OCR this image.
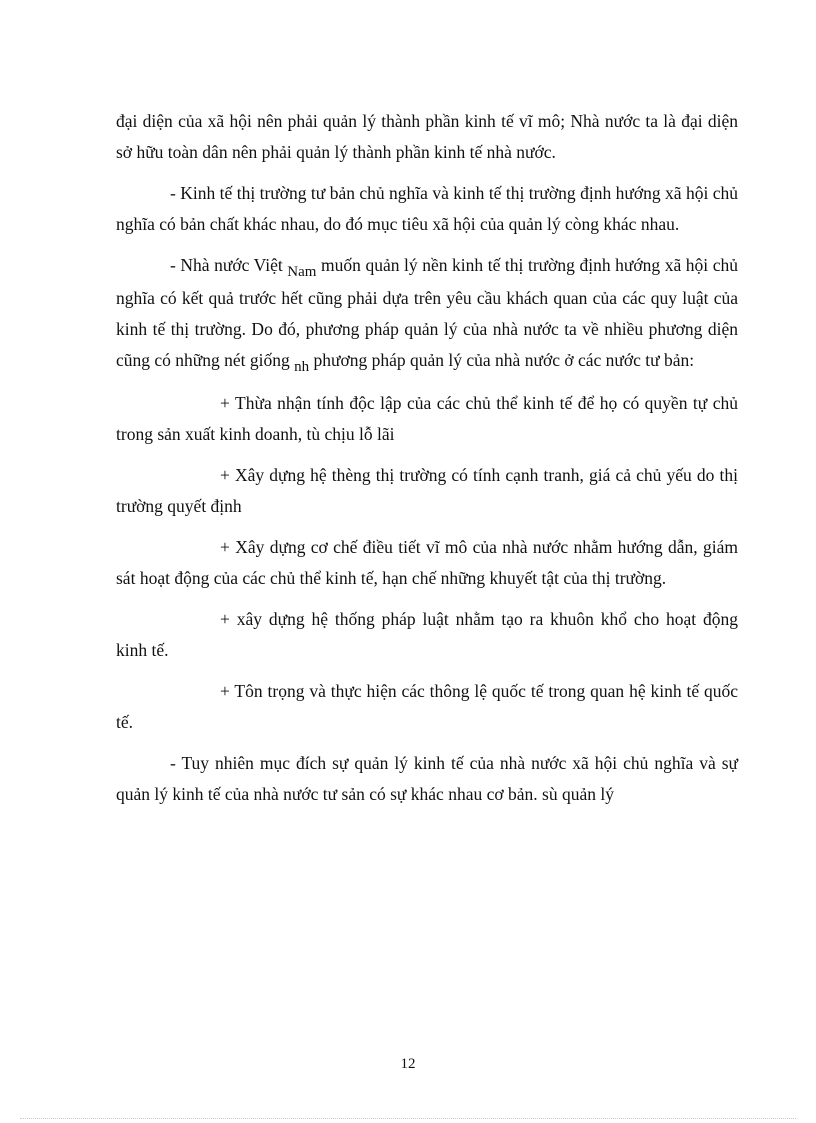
đại diện của xã hội nên phải quản lý thành phần kinh tế vĩ mô; Nhà nước ta là đại diện sở hữu toàn dân nên phải quản lý thành phần kinh tế nhà nước.

- Kinh tế thị trường tư bản chủ nghĩa và kinh tế thị trường định hướng xã hội chủ nghĩa có bản chất khác nhau, do đó mục tiêu xã hội của quản lý còng khác nhau.

- Nhà nước Việt Nam muốn quản lý nền kinh tế thị trường định hướng xã hội chủ nghĩa có kết quả trước hết cũng phải dựa trên yêu cầu khách quan của các quy luật của kinh tế thị trường. Do đó, phương pháp quản lý của nhà nước ta về nhiều phương diện cũng có những nét giống nh phương pháp quản lý của nhà nước ở các nước tư bản:

+ Thừa nhận tính độc lập của các chủ thể kinh tế để họ có quyền tự chủ trong sản xuất kinh doanh, tù chịu lỗ lãi

+ Xây dựng hệ thèng thị trường có tính cạnh tranh, giá cả chủ yếu do thị trường quyết định

+ Xây dựng cơ chế điều tiết vĩ mô của nhà nước nhằm hướng dẫn, giám sát hoạt động của các chủ thể kinh tế, hạn chế những khuyết tật của thị trường.

+ xây dựng hệ thống pháp luật nhằm tạo ra khuôn khổ cho hoạt động kinh tế.

+ Tôn trọng và thực hiện các thông lệ quốc tế trong quan hệ kinh tế quốc tế.

- Tuy nhiên mục đích sự quản lý kinh tế của nhà nước xã hội chủ nghĩa và sự quản lý kinh tế của nhà nước tư sản có sự khác nhau cơ bản. sù quản lý

12
